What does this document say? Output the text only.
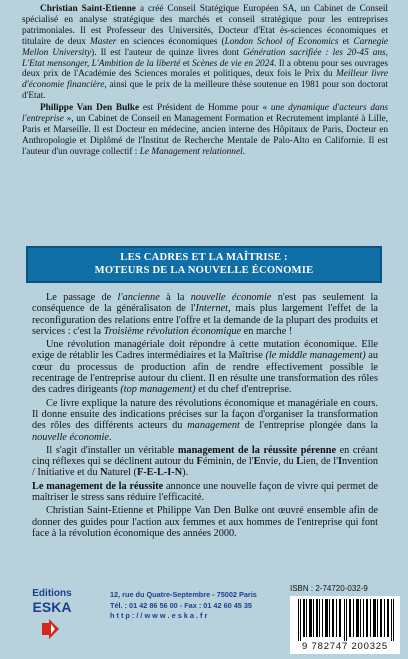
Christian Saint-Etienne a créé Conseil Statégique Européen SA, un Cabinet de Conseil spécialisé en analyse stratégique des marchés et conseil stratégique pour les entreprises patrimoniales. Il est Professeur des Universités, Docteur d'Etat ès-sciences économiques et titulaire de deux Master en sciences économiques (London School of Economics et Carnegie Mellon University). Il est l'auteur de quinze livres dont Génération sacrifiée : les 20-45 ans, L'Etat mensonger, L'Ambition de la liberté et Scènes de vie en 2024. Il a obtenu pour ses ouvrages deux prix de l'Académie des Sciences morales et politiques, deux fois le Prix du Meilleur livre d'économie financière, ainsi que le prix de la meilleure thèse soutenue en 1981 pour son doctorat d'Etat.

Philippe Van Den Bulke est Président de Homme pour « une dynamique d'acteurs dans l'entreprise », un Cabinet de Conseil en Management Formation et Recrutement implanté à Lille, Paris et Marseille. Il est Docteur en médecine, ancien interne des Hôpitaux de Paris, Docteur en Anthropologie et Diplômé de l'Institut de Recherche Mentale de Palo-Alto en Californie. Il est l'auteur d'un ouvrage collectif : Le Management relationnel.

LES CADRES ET LA MAÎTRISE :
MOTEURS DE LA NOUVELLE ÉCONOMIE

Le passage de l'ancienne à la nouvelle économie n'est pas seulement la conséquence de la généralisaton de l'Internet, mais plus largement l'effet de la reconfiguration des relations entre l'offre et la demande de la plupart des produits et services : c'est la Troisième révolution économique en marche !

Une révolution managériale doit répondre à cette mutation économique. Elle exige de rétablir les Cadres intermédiaires et la Maîtrise (le middle management) au cœur du processus de production afin de rendre effectivement possible le recentrage de l'entreprise autour du client. Il en résulte une transformation des rôles des cadres dirigeants (top management) et du chef d'entreprise.

Ce livre explique la nature des révolutions économique et managériale en cours. Il donne ensuite des indications précises sur la façon d'organiser la transformation des rôles des différents acteurs du management de l'entreprise plongée dans la nouvelle économie.

Il s'agit d'installer un véritable management de la réussite pérenne en créant cinq réflexes qui se déclinent autour du Féminin, de l'Envie, du Lien, de l'Invention / Initiative et du Naturel (F-E-L-I-N).

Le management de la réussite annonce une nouvelle façon de vivre qui permet de maîtriser le stress sans réduire l'efficacité.

Christian Saint-Etienne et Philippe Van Den Bulke ont œuvré ensemble afin de donner des guides pour l'action aux femmes et aux hommes de l'entreprise qui font face à la révolution économique des années 2000.

Editions
ESKA
12, rue du Quatre-Septembre - 75002 Paris
Tél. : 01 42 86 56 00 - Fax : 01 42 60 45 35
h t t p : / / w w w . e s k a . f r
ISBN : 2-74720-032-9
9 782747 200325
